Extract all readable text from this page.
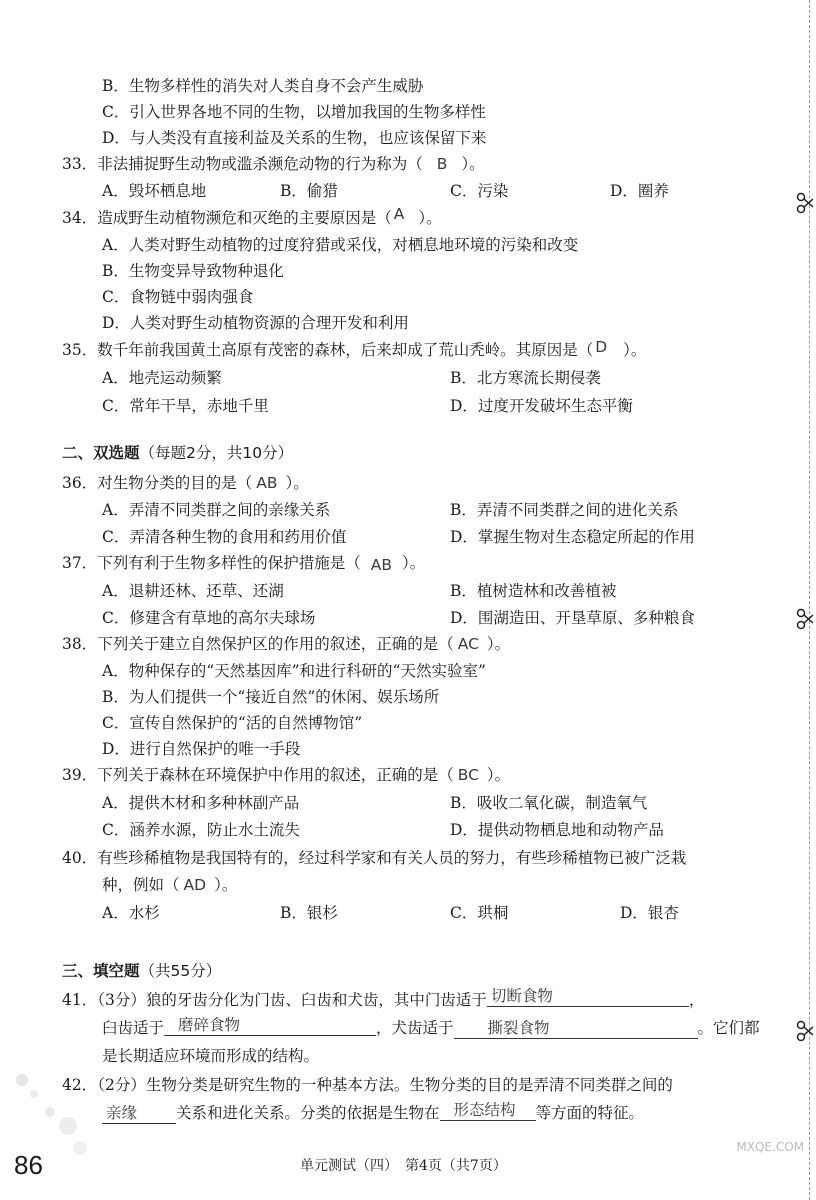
B．生物多样性的消失对人类自身不会产生威胁
C．引入世界各地不同的生物，以增加我国的生物多样性
D．与人类没有直接利益及关系的生物，也应该保留下来
33．非法捕捉野生动物或滥杀濒危动物的行为称为（ B ）。
A．毁坏栖息地	B．偷猎	C．污染	D．圈养
34．造成野生动植物濒危和灭绝的主要原因是（ A ）。
A．人类对野生动植物的过度狩猎或采伐，对栖息地环境的污染和改变
B．生物变异导致物种退化
C．食物链中弱肉强食
D．人类对野生动植物资源的合理开发和利用
35．数千年前我国黄土高原有茂密的森林，后来却成了荒山秃岭。其原因是（ D ）。
A．地壳运动频繁	B．北方寒流长期侵袭
C．常年干旱，赤地千里	D．过度开发破坏生态平衡
二、双选题（每题2分，共10分）
36．对生物分类的目的是（ AB ）。
A．弄清不同类群之间的亲缘关系	B．弄清不同类群之间的进化关系
C．弄清各种生物的食用和药用价值	D．掌握生物对生态稳定所起的作用
37．下列有利于生物多样性的保护措施是（ AB ）。
A．退耕还林、还草、还湖	B．植树造林和改善植被
C．修建含有草地的高尔夫球场	D．围湖造田、开垦草原、多种粮食
38．下列关于建立自然保护区的作用的叙述，正确的是（ AC ）。
A．物种保存的“天然基因库”和进行科研的“天然实验室”
B．为人们提供一个“接近自然”的休闲、娱乐场所
C．宣传自然保护的“活的自然博物馆”
D．进行自然保护的唯一手段
39．下列关于森林在环境保护中作用的叙述，正确的是（ BC ）。
A．提供木材和多种林副产品	B．吸收二氧化碳，制造氧气
C．涵养水源，防止水土流失	D．提供动物栖息地和动物产品
40．有些珍稀植物是我国特有的，经过科学家和有关人员的努力，有些珍稀植物已被广泛栽
种，例如（ AD ）。
A．水杉	B．银杉	C．珙桐	D．银杏
三、填空题（共55分）
41．（3分）狼的牙齿分化为门齿、臼齿和犬齿，其中门齿适于 切断食物	，
臼齿适于 磨碎食物	，犬齿适于 撕裂食物	。它们都
是长期适应环境而形成的结构。
42．（2分）生物分类是研究生物的一种基本方法。生物分类的目的是弄清不同类群之间的
亲缘	关系和进化关系。分类的依据是生物在 形态结构 等方面的特征。
86	单元测试（四）　第4页（共7页）
MXQE.COM
